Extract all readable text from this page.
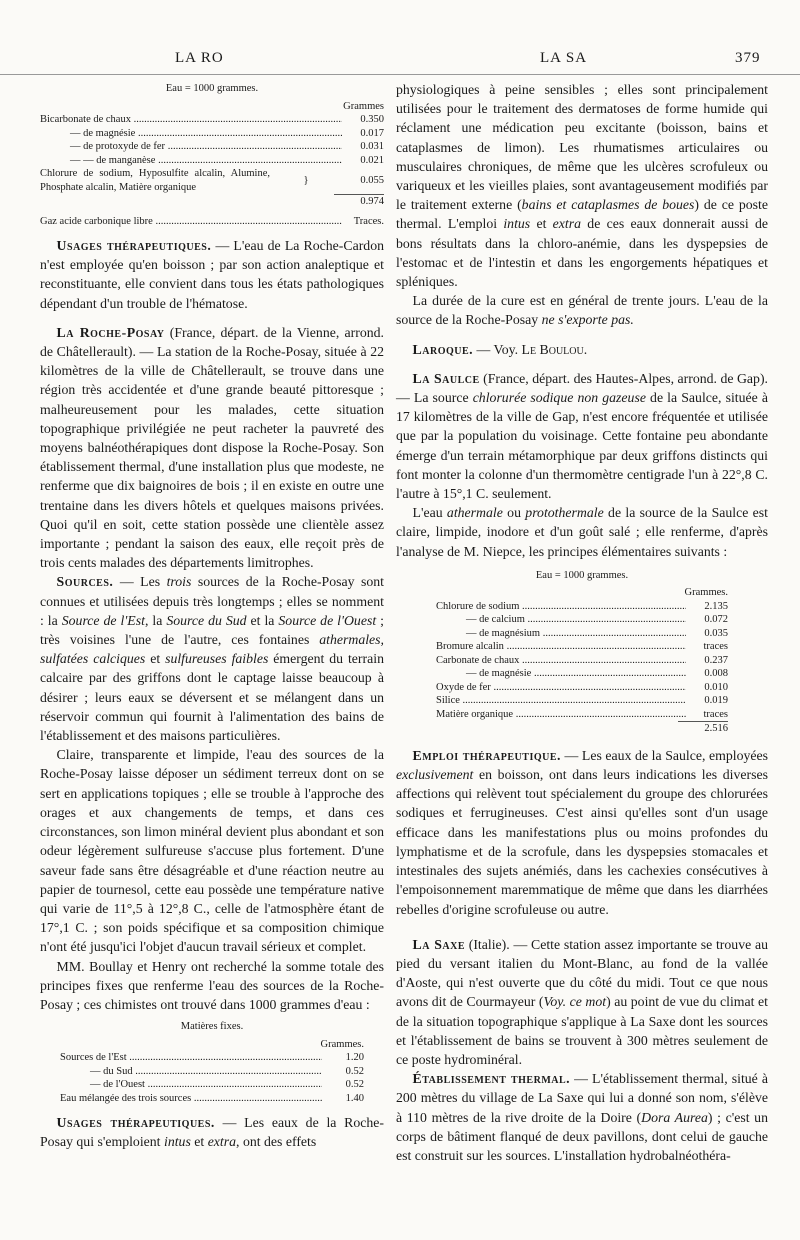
LA RO	LA SA	379
Eau = 1000 grammes.
Grammes
Bicarbonate de chaux .....	0.350
— de magnésie .....	0.017
— de protoxyde de fer .....	0.031
— — de manganèse .....	0.021
Chlorure de sodium, Hyposulfite alcalin, Alumine, Phosphate alcalin, Matière organique
}	0.055
0.974
Gaz acide carbonique libre .....	Traces.

Usages thérapeutiques. — L'eau de La Roche-Cardon n'est employée qu'en boisson ; par son action analeptique et reconstituante, elle convient dans tous les états pathologiques dépendant d'un trouble de l'hématose.

La Roche-Posay (France, départ. de la Vienne, arrond. de Châtellerault). — La station de la Roche-Posay, située à 22 kilomètres de la ville de Châtellerault, se trouve dans une région très accidentée et d'une grande beauté pittoresque ; malheureusement pour les malades, cette situation topographique privilégiée ne peut racheter la pauvreté des moyens balnéothérapiques dont dispose la Roche-Posay. Son établissement thermal, d'une installation plus que modeste, ne renferme que dix baignoires de bois ; il en existe en outre une trentaine dans les divers hôtels et quelques maisons privées. Quoi qu'il en soit, cette station possède une clientèle assez importante ; pendant la saison des eaux, elle reçoit près de trois cents malades des départements limitrophes.

Sources. — Les trois sources de la Roche-Posay sont connues et utilisées depuis très longtemps ; elles se nomment : la Source de l'Est, la Source du Sud et la Source de l'Ouest ; très voisines l'une de l'autre, ces fontaines athermales, sulfatées calciques et sulfureuses faibles émergent du terrain calcaire par des griffons dont le captage laisse beaucoup à désirer ; leurs eaux se déversent et se mélangent dans un réservoir commun qui fournit à l'alimentation des bains de l'établissement et des maisons particulières.

Claire, transparente et limpide, l'eau des sources de la Roche-Posay laisse déposer un sédiment terreux dont on se sert en applications topiques ; elle se trouble à l'approche des orages et aux changements de temps, et dans ces circonstances, son limon minéral devient plus abondant et son odeur légèrement sulfureuse s'accuse plus fortement. D'une saveur fade sans être désagréable et d'une réaction neutre au papier de tournesol, cette eau possède une température native qui varie de 11°,5 à 12°,8 C., celle de l'atmosphère étant de 17°,1 C. ; son poids spécifique et sa composition chimique n'ont été jusqu'ici l'objet d'aucun travail sérieux et complet.

MM. Boullay et Henry ont recherché la somme totale des principes fixes que renferme l'eau des sources de la Roche-Posay ; ces chimistes ont trouvé dans 1000 grammes d'eau :

Matières fixes.
Grammes.
Sources de l'Est .....	1.20
— du Sud .....	0.52
— de l'Ouest .....	0.52
Eau mélangée des trois sources .....	1.40

Usages thérapeutiques. — Les eaux de la Roche-Posay qui s'emploient intus et extra, ont des effets

physiologiques à peine sensibles ; elles sont principalement utilisées pour le traitement des dermatoses de forme humide qui réclament une médication peu excitante (boisson, bains et cataplasmes de limon). Les rhumatismes articulaires ou musculaires chroniques, de même que les ulcères scrofuleux ou variqueux et les vieilles plaies, sont avantageusement modifiés par le traitement externe (bains et cataplasmes de boues) de ce poste thermal. L'emploi intus et extra de ces eaux donnerait aussi de bons résultats dans la chloro-anémie, dans les dyspepsies de l'estomac et de l'intestin et dans les engorgements hépatiques et spléniques.

La durée de la cure est en général de trente jours. L'eau de la source de la Roche-Posay ne s'exporte pas.

Laroque. — Voy. Le Boulou.

La Saulce (France, départ. des Hautes-Alpes, arrond. de Gap). — La source chlorurée sodique non gazeuse de la Saulce, située à 17 kilomètres de la ville de Gap, n'est encore fréquentée et utilisée que par la population du voisinage. Cette fontaine peu abondante émerge d'un terrain métamorphique par deux griffons distincts qui font monter la colonne d'un thermomètre centigrade l'un à 22°,8 C. l'autre à 15°,1 C. seulement.

L'eau athermale ou protothermale de la source de la Saulce est claire, limpide, inodore et d'un goût salé ; elle renferme, d'après l'analyse de M. Niepce, les principes élémentaires suivants :

Eau = 1000 grammes.
Grammes.
Chlorure de sodium .....	2.135
— de calcium .....	0.072
— de magnésium .....	0.035
Bromure alcalin .....	traces
Carbonate de chaux .....	0.237
— de magnésie .....	0.008
Oxyde de fer .....	0.010
Silice .....	0.019
Matière organique .....	traces
2.516

Emploi thérapeutique. — Les eaux de la Saulce, employées exclusivement en boisson, ont dans leurs indications les diverses affections qui relèvent tout spécialement du groupe des chlorurées sodiques et ferrugineuses. C'est ainsi qu'elles sont d'un usage efficace dans les manifestations plus ou moins profondes du lymphatisme et de la scrofule, dans les dyspepsies stomacales et intestinales des sujets anémiés, dans les cachexies consécutives à l'empoisonnement maremmatique de même que dans les diarrhées rebelles d'origine scrofuleuse ou autre.

La Saxe (Italie). — Cette station assez importante se trouve au pied du versant italien du Mont-Blanc, au fond de la vallée d'Aoste, qui n'est ouverte que du côté du midi. Tout ce que nous avons dit de Courmayeur (Voy. ce mot) au point de vue du climat et de la situation topographique s'applique à La Saxe dont les sources et l'établissement de bains se trouvent à 300 mètres seulement de ce poste hydrominéral.

Établissement thermal. — L'établissement thermal, situé à 200 mètres du village de La Saxe qui lui a donné son nom, s'élève à 110 mètres de la rive droite de la Doire (Dora Aurea) ; c'est un corps de bâtiment flanqué de deux pavillons, dont celui de gauche est construit sur les sources. L'installation hydrobalnéothéra-
